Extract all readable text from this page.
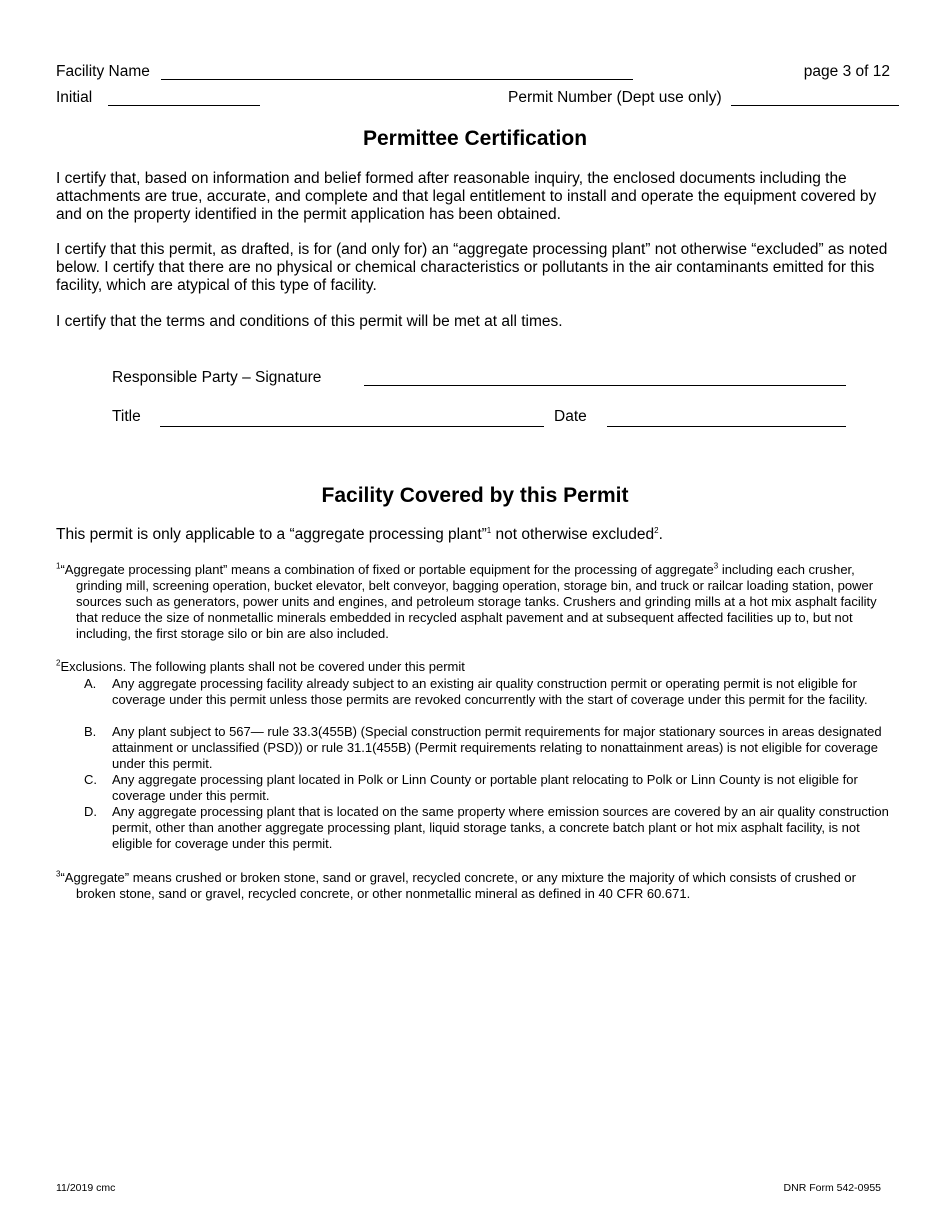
Facility Name	page 3 of 12
Initial	Permit Number (Dept use only)
Permittee Certification

I certify that, based on information and belief formed after reasonable inquiry, the enclosed documents including the attachments are true, accurate, and complete and that legal entitlement to install and operate the equipment covered by and on the property identified in the permit application has been obtained.

I certify that this permit, as drafted, is for (and only for) an “aggregate processing plant” not otherwise “excluded” as noted below. I certify that there are no physical or chemical characteristics or pollutants in the air contaminants emitted for this facility, which are atypical of this type of facility.

I certify that the terms and conditions of this permit will be met at all times.

Responsible Party – Signature
Title	Date
Facility Covered by this Permit
This permit is only applicable to a “aggregate processing plant”$^1$ not otherwise excluded$^2$.
$^1$“Aggregate processing plant” means a combination of fixed or portable equipment for the processing of aggregate$^3$ including each crusher, grinding mill, screening operation, bucket elevator, belt conveyor, bagging operation, storage bin, and truck or railcar loading station, power sources such as generators, power units and engines, and petroleum storage tanks. Crushers and grinding mills at a hot mix asphalt facility that reduce the size of nonmetallic minerals embedded in recycled asphalt pavement and at subsequent affected facilities up to, but not including, the first storage silo or bin are also included.
$^2$Exclusions. The following plants shall not be covered under this permit
A.	Any aggregate processing facility already subject to an existing air quality construction permit or operating permit is not eligible for coverage under this permit unless those permits are revoked concurrently with the start of coverage under this permit for the facility.
B.	Any plant subject to 567— rule 33.3(455B) (Special construction permit requirements for major stationary sources in areas designated attainment or unclassified (PSD)) or rule 31.1(455B) (Permit requirements relating to nonattainment areas) is not eligible for coverage under this permit.
C.	Any aggregate processing plant located in Polk or Linn County or portable plant relocating to Polk or Linn County is not eligible for coverage under this permit.
D.	Any aggregate processing plant that is located on the same property where emission sources are covered by an air quality construction permit, other than another aggregate processing plant, liquid storage tanks, a concrete batch plant or hot mix asphalt facility, is not eligible for coverage under this permit.
$^3$“Aggregate” means crushed or broken stone, sand or gravel, recycled concrete, or any mixture the majority of which consists of crushed or broken stone, sand or gravel, recycled concrete, or other nonmetallic mineral as defined in 40 CFR 60.671.
11/2019 cmc	DNR Form 542-0955
